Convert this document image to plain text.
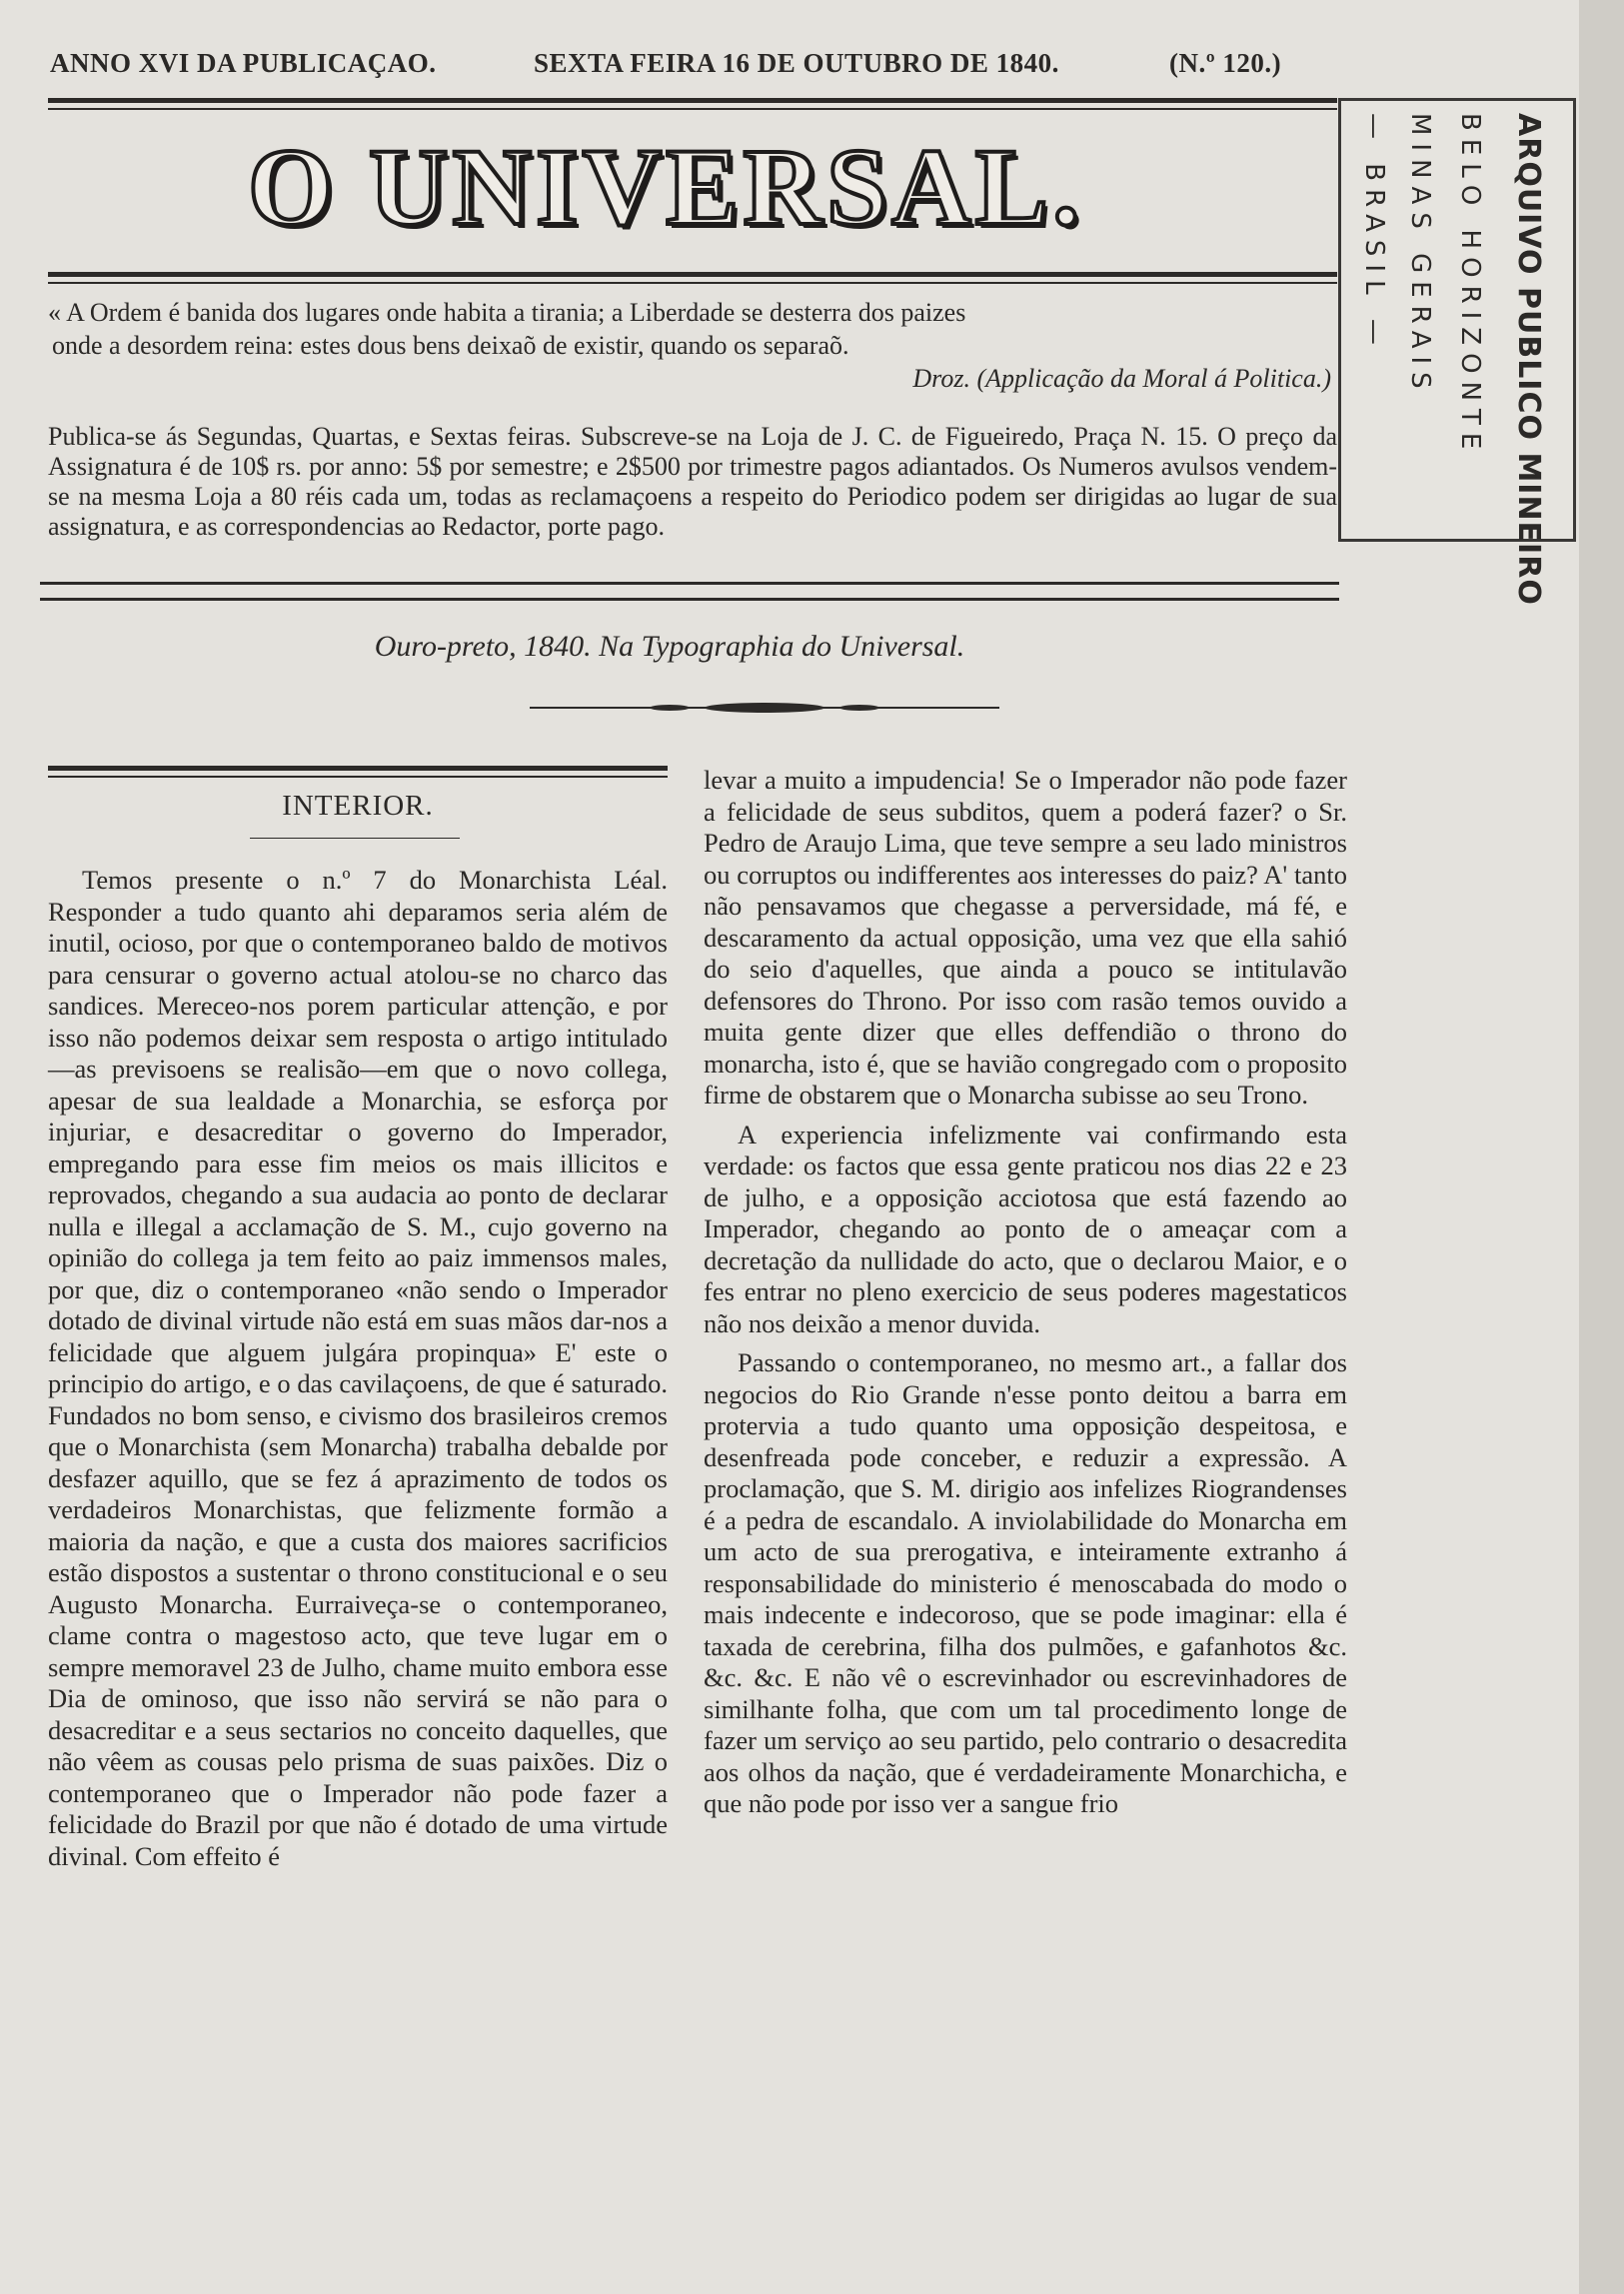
ANNO XVI DA PUBLICAÇAO.	SEXTA FEIRA 16 DE OUTUBRO DE 1840.	(N.º 120.)
O UNIVERSAL.	ARQUIVO PUBLICO MINEIRO
BELO HORIZONTE
MINAS GERAIS
— BRASIL —
« A Ordem é banida dos lugares onde habita a tirania; a Liberdade se desterra dos paizes
onde a desordem reina: estes dous bens deixaõ de existir, quando os separaõ.
Droz. (Applicação da Moral á Politica.)
Publica-se ás Segundas, Quartas, e Sextas feiras. Subscreve-se na Loja de J. C. de Figueiredo, Praça N. 15. O preço da Assignatura é de 10$ rs. por anno: 5$ por semestre; e 2$500 por trimestre pagos adiantados. Os Numeros avulsos vendem-se na mesma Loja a 80 réis cada um, todas as reclamaçoens a respeito do Periodico podem ser dirigidas ao lugar de sua assignatura, e as correspondencias ao Redactor, porte pago.
Ouro-preto, 1840. Na Typographia do Universal.
INTERIOR.

Temos presente o n.º 7 do Monarchista Léal. Responder a tudo quanto ahi deparamos seria além de inutil, ocioso, por que o contemporaneo baldo de motivos para censurar o governo actual atolou-se no charco das sandices. Mereceo-nos porem particular attenção, e por isso não podemos deixar sem resposta o artigo intitulado—as previsoens se realisão—em que o novo collega, apesar de sua lealdade a Monarchia, se esforça por injuriar, e desacreditar o governo do Imperador, empregando para esse fim meios os mais illicitos e reprovados, chegando a sua audacia ao ponto de declarar nulla e illegal a acclamação de S. M., cujo governo na opinião do collega ja tem feito ao paiz immensos males, por que, diz o contemporaneo «não sendo o Imperador dotado de divinal virtude não está em suas mãos dar-nos a felicidade que alguem julgára propinqua» E' este o principio do artigo, e o das cavilaçoens, de que é saturado. Fundados no bom senso, e civismo dos brasileiros cremos que o Monarchista (sem Monarcha) trabalha debalde por desfazer aquillo, que se fez á aprazimento de todos os verdadeiros Monarchistas, que felizmente formão a maioria da nação, e que a custa dos maiores sacrificios estão dispostos a sustentar o throno constitucional e o seu Augusto Monarcha. Eurraiveça-se o contemporaneo, clame contra o magestoso acto, que teve lugar em o sempre memoravel 23 de Julho, chame muito embora esse Dia de ominoso, que isso não servirá se não para o desacreditar e a seus sectarios no conceito daquelles, que não vêem as cousas pelo prisma de suas paixões. Diz o contemporaneo que o Imperador não pode fazer a felicidade do Brazil por que não é dotado de uma virtude divinal. Com effeito é

levar a muito a impudencia! Se o Imperador não pode fazer a felicidade de seus subditos, quem a poderá fazer? o Sr. Pedro de Araujo Lima, que teve sempre a seu lado ministros ou corruptos ou indifferentes aos interesses do paiz? A' tanto não pensavamos que chegasse a perversidade, má fé, e descaramento da actual opposição, uma vez que ella sahió do seio d'aquelles, que ainda a pouco se intitulavão defensores do Throno. Por isso com rasão temos ouvido a muita gente dizer que elles deffendião o throno do monarcha, isto é, que se havião congregado com o proposito firme de obstarem que o Monarcha subisse ao seu Trono.

A experiencia infelizmente vai confirmando esta verdade: os factos que essa gente praticou nos dias 22 e 23 de julho, e a opposição acciotosa que está fazendo ao Imperador, chegando ao ponto de o ameaçar com a decretação da nullidade do acto, que o declarou Maior, e o fes entrar no pleno exercicio de seus poderes magestaticos não nos deixão a menor duvida.

Passando o contemporaneo, no mesmo art., a fallar dos negocios do Rio Grande n'esse ponto deitou a barra em protervia a tudo quanto uma opposição despeitosa, e desenfreada pode conceber, e reduzir a expressão. A proclamação, que S. M. dirigio aos infelizes Riograndenses é a pedra de escandalo. A inviolabilidade do Monarcha em um acto de sua prerogativa, e inteiramente extranho á responsabilidade do ministerio é menoscabada do modo o mais indecente e indecoroso, que se pode imaginar: ella é taxada de cerebrina, filha dos pulmões, e gafanhotos &c. &c. &c. E não vê o escrevinhador ou escrevinhadores de similhante folha, que com um tal procedimento longe de fazer um serviço ao seu partido, pelo contrario o desacredita aos olhos da nação, que é verdadeiramente Monarchicha, e que não pode por isso ver a sangue frio
